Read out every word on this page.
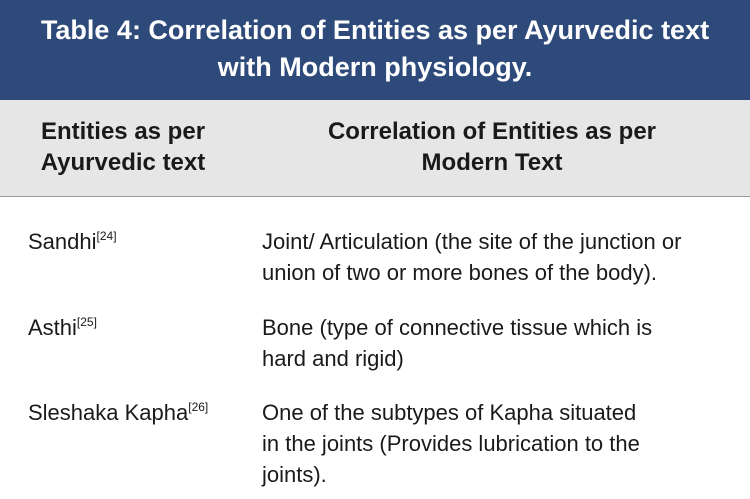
Table 4: Correlation of Entities as per Ayurvedic text
with Modern physiology.
Entities as per
Ayurvedic text
Correlation of Entities as per
Modern Text
Sandhi[24]	Joint/ Articulation (the site of the junction or
union of two or more bones of the body).
Asthi[25]	Bone (type of connective tissue which is
hard and rigid)
Sleshaka Kapha[26] One of the subtypes of Kapha situated
in the joints (Provides lubrication to the
joints).
